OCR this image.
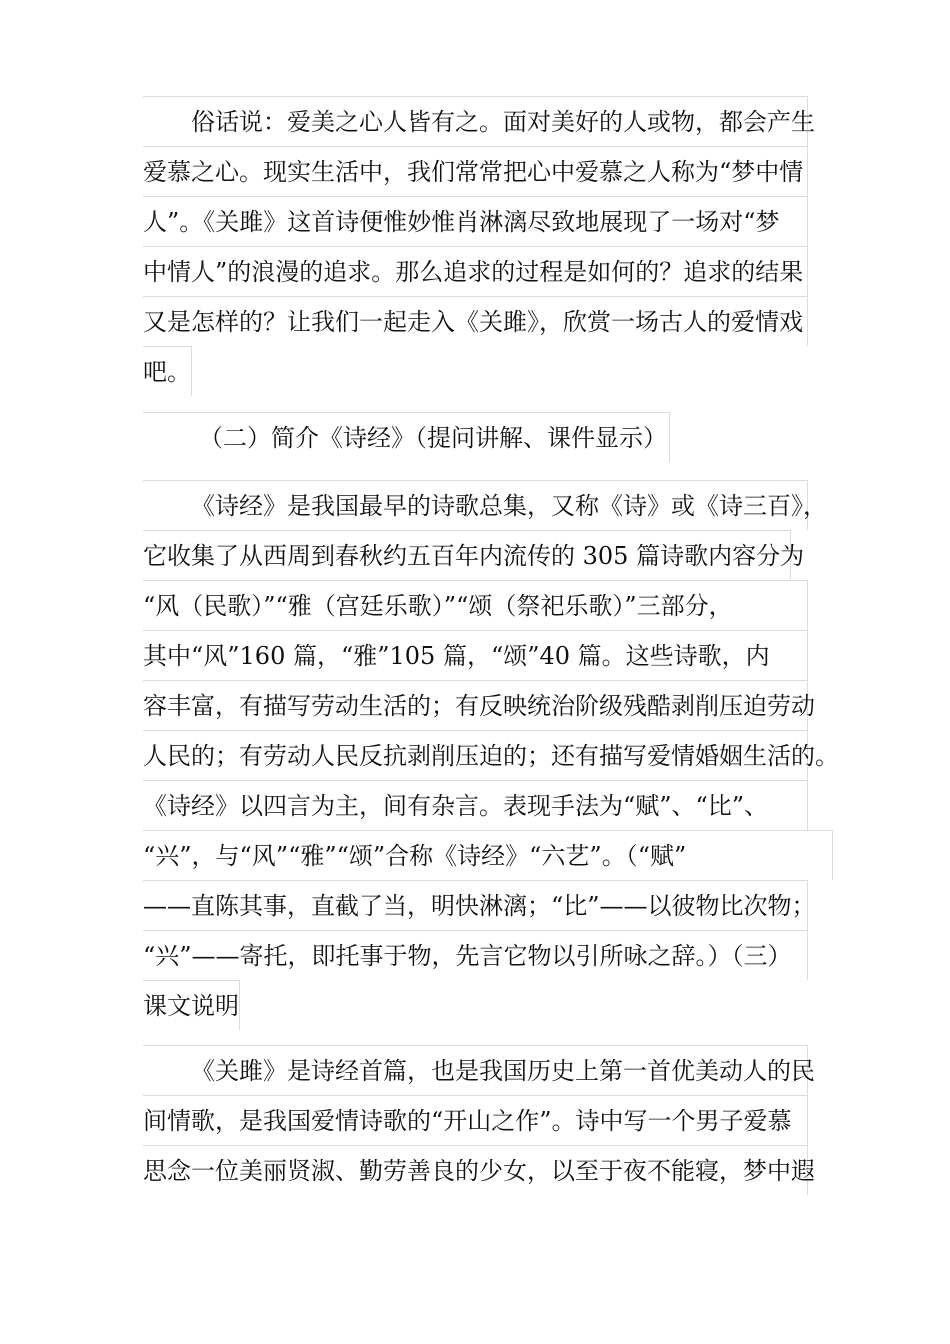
俗话说：爱美之心人皆有之。面对美好的人或物，都会产生
爱慕之心。现实生活中，我们常常把心中爱慕之人称为“梦中情
人”。《关雎》这首诗便惟妙惟肖淋漓尽致地展现了一场对“梦
中情人”的浪漫的追求。那么追求的过程是如何的？追求的结果
又是怎样的？让我们一起走入《关雎》，欣赏一场古人的爱情戏
吧。
（二）简介《诗经》（提问讲解、课件显示）
《诗经》是我国最早的诗歌总集，又称《诗》或《诗三百》，
它收集了从西周到春秋约五百年内流传的 305 篇诗歌内容分为
“风（民歌）”“雅（宫廷乐歌）”“颂（祭祀乐歌）”三部分，
其中“风”160 篇，“雅”105 篇，“颂”40 篇。这些诗歌，内
容丰富，有描写劳动生活的；有反映统治阶级残酷剥削压迫劳动
人民的；有劳动人民反抗剥削压迫的；还有描写爱情婚姻生活的。
《诗经》以四言为主，间有杂言。表现手法为“赋”、“比”、
“兴”，与“风”“雅”“颂”合称《诗经》“六艺”。（“赋”
——直陈其事，直截了当，明快淋漓；“比”——以彼物比次物；
“兴”——寄托，即托事于物，先言它物以引所咏之辞。）（三）
课文说明
《关雎》是诗经首篇，也是我国历史上第一首优美动人的民
间情歌，是我国爱情诗歌的“开山之作”。诗中写一个男子爱慕
思念一位美丽贤淑、勤劳善良的少女，以至于夜不能寝，梦中遐
